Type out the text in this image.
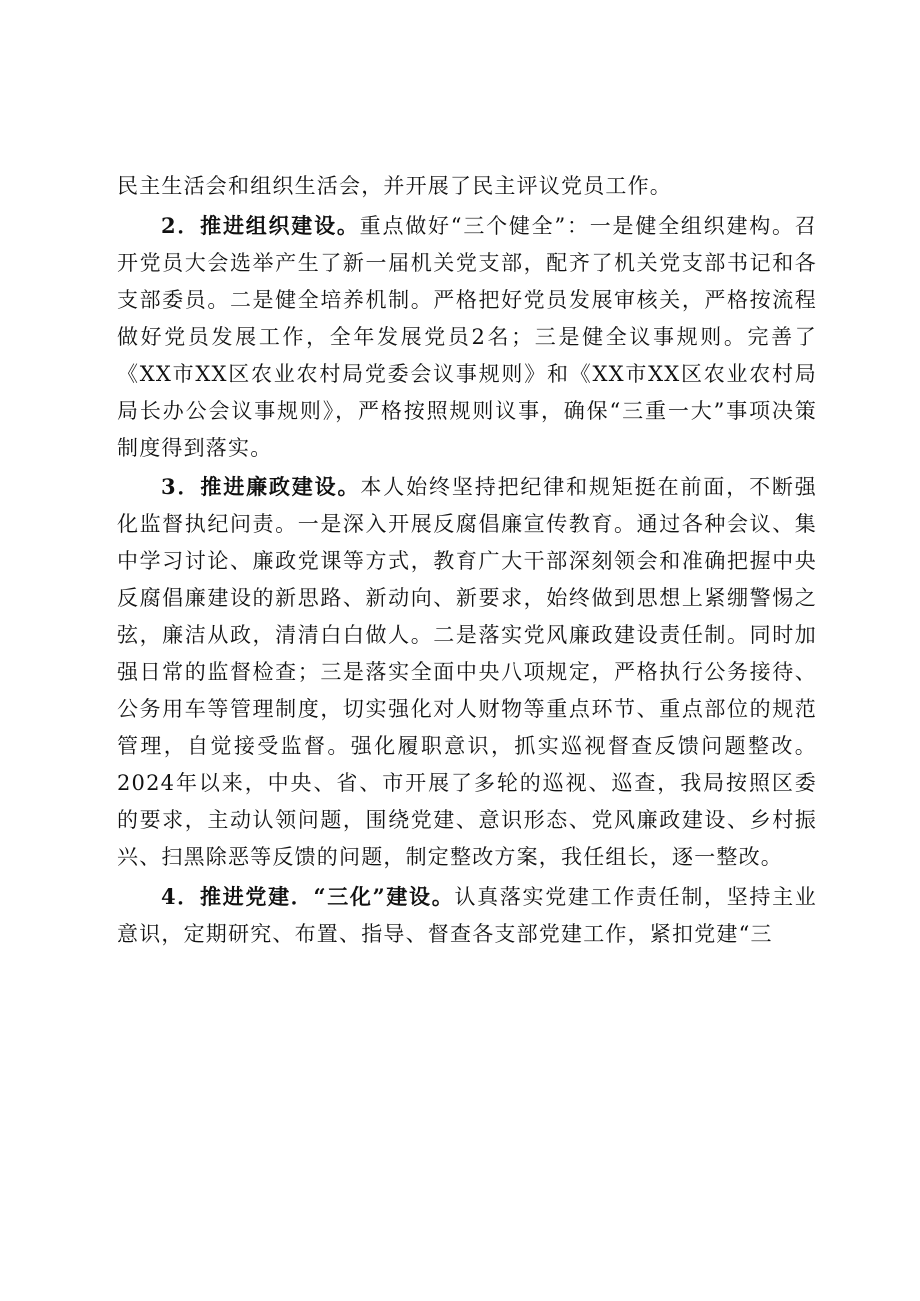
民主生活会和组织生活会，并开展了民主评议党员工作。

2．推进组织建设。重点做好“三个健全”：一是健全组织建构。召开党员大会选举产生了新一届机关党支部，配齐了机关党支部书记和各支部委员。二是健全培养机制。严格把好党员发展审核关，严格按流程做好党员发展工作，全年发展党员2名；三是健全议事规则。完善了《XX市XX区农业农村局党委会议事规则》和《XX市XX区农业农村局局长办公会议事规则》，严格按照规则议事，确保“三重一大”事项决策制度得到落实。

3．推进廉政建设。本人始终坚持把纪律和规矩挺在前面，不断强化监督执纪问责。一是深入开展反腐倡廉宣传教育。通过各种会议、集中学习讨论、廉政党课等方式，教育广大干部深刻领会和准确把握中央反腐倡廉建设的新思路、新动向、新要求，始终做到思想上紧绷警惕之弦，廉洁从政，清清白白做人。二是落实党风廉政建设责任制。同时加强日常的监督检查；三是落实全面中央八项规定，严格执行公务接待、公务用车等管理制度，切实强化对人财物等重点环节、重点部位的规范管理，自觉接受监督。强化履职意识，抓实巡视督查反馈问题整改。2024年以来，中央、省、市开展了多轮的巡视、巡查，我局按照区委的要求，主动认领问题，围绕党建、意识形态、党风廉政建设、乡村振兴、扫黑除恶等反馈的问题，制定整改方案，我任组长，逐一整改。

4．推进党建．“三化”建设。认真落实党建工作责任制，坚持主业意识，定期研究、布置、指导、督查各支部党建工作，紧扣党建“三
